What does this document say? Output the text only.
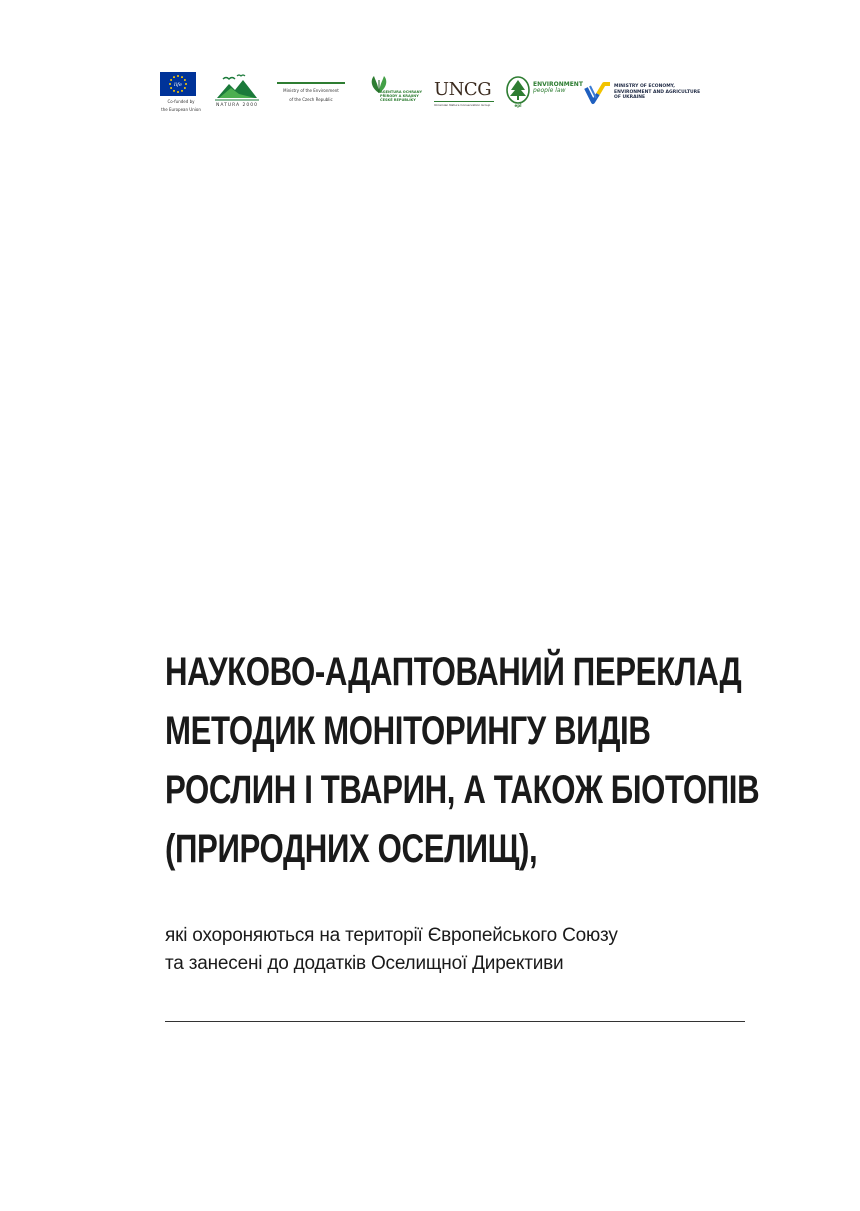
life
Co-funded by
the European Union
NATURA 2000
Ministry of the Environment
of the Czech Republic
AGENTURA OCHRANY
PŘÍRODY A KRAJINY
ČESKÉ REPUBLIKY	UNCG
Ukrainian Nature Conservation Group	epl
ENVIRONMENT
people law
MINISTRY OF ECONOMY,
ENVIRONMENT AND AGRICULTURE
OF UKRAINE
НАУКОВО-АДАПТОВАНИЙ ПЕРЕКЛАД
МЕТОДИК МОНІТОРИНГУ ВИДІВ
РОСЛИН І ТВАРИН, А ТАКОЖ БІОТОПІВ
(ПРИРОДНИХ ОСЕЛИЩ),

які охороняються на території Європейського Союзу
та занесені до додатків Оселищної Директиви
